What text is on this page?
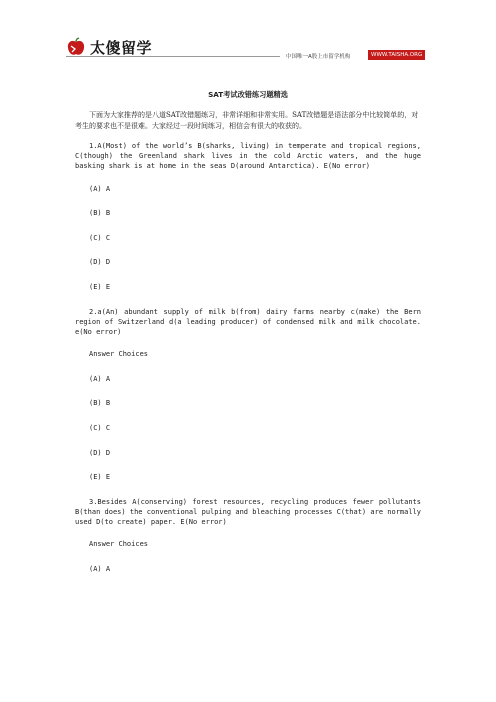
太傻留学
中国唯一A股上市留学机构	WWW.TAISHA.ORG
SAT考试改错练习题精选

下面为大家推荐的是八道SAT改错题练习，非常详细和非常实用。SAT改错题是语法部分中比较简单的，对考生的要求也不是很难。大家经过一段时间练习，相信会有很大的收获的。

1.A(Most) of the world’s B(sharks, living) in temperate and tropical regions, C(though) the Greenland shark lives in the cold Arctic waters, and the huge basking shark is at home in the seas D(around Antarctica). E(No error)

(A) A
(B) B
(C) C
(D) D
(E) E

2.a(An) abundant supply of milk b(from) dairy farms nearby c(make) the Bern region of Switzerland d(a leading producer) of condensed milk and milk chocolate. e(No error)

Answer Choices
(A) A
(B) B
(C) C
(D) D
(E) E

3.Besides A(conserving) forest resources, recycling produces fewer pollutants B(than does) the conventional pulping and bleaching processes C(that) are normally used D(to create) paper. E(No error)

Answer Choices
(A) A
